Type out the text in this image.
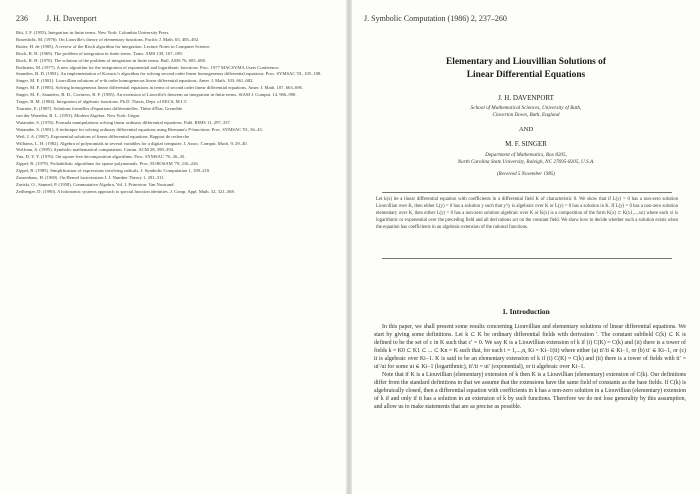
236 J. H. Davenport

Ritt, J. F. (1955). Integration in finite terms. New York: Columbia University Press.

Rosenlicht, M. (1976). On Liouville's theory of elementary functions. Pacific J. Math. 65, 485–492.

Ruiter, H. de (1985). A review of the Risch algorithm for integration. Lecture Notes in Computer Science.

Risch, R. H. (1969). The problem of integration in finite terms. Trans. AMS 139, 167–189.

Risch, R. H. (1970). The solution of the problem of integration in finite terms. Bull. AMS 76, 605–608.

Rothstein, M. (1977). A new algorithm for the integration of exponential and logarithmic functions. Proc. 1977 MACSYMA Users Conference.

Saunders, B. D. (1981). An implementation of Kovacic's algorithm for solving second order linear homogeneous differential equations. Proc. SYMSAC '81, 105–108.

Singer, M. F. (1981). Liouvillian solutions of n-th order homogeneous linear differential equations. Amer. J. Math. 103, 661–682.

Singer, M. F. (1985). Solving homogeneous linear differential equations in terms of second order linear differential equations. Amer. J. Math. 107, 663–696.

Singer, M. F., Saunders, B. D., Caviness, B. F. (1985). An extension of Liouville's theorem on integration in finite terms. SIAM J. Comput. 14, 966–990.

Trager, B. M. (1984). Integration of algebraic functions. Ph.D. Thesis, Dept. of EECS, M.I.T.

Tournier, E. (1987). Solutions formelles d'équations différentielles. Thèse d'État, Grenoble.

van der Waerden, B. L. (1953). Modern Algebra. New York: Ungar.

Watanabe, S. (1976). Formula manipulations solving linear ordinary differential equations. Publ. RIMS 11, 297–337.

Watanabe, S. (1981). A technique for solving ordinary differential equations using Riemann's P-functions. Proc. SYMSAC '81, 36–43.

Weil, J. A. (1987). Exponential solutions of linear differential equations. Rapport de recherche.

Williams, L. H. (1982). Algebra of polynomials in several variables for a digital computer. J. Assoc. Comput. Mach. 9, 29–40.

Wolfram, S. (1985). Symbolic mathematical computation. Comm. ACM 28, 390–394.

Yun, D. Y. Y. (1976). On square-free decomposition algorithms. Proc. SYMSAC '76, 26–35.

Zippel, R. (1979). Probabilistic algorithms for sparse polynomials. Proc. EUROSAM '79, 216–226.

Zippel, R. (1985). Simplification of expressions involving radicals. J. Symbolic Computation 1, 189–210.

Zassenhaus, H. (1969). On Hensel factorization I. J. Number Theory 1, 291–311.

Zariski, O., Samuel, P. (1958). Commutative Algebra, Vol. I. Princeton: Van Nostrand.

Zeilberger, D. (1990). A holonomic systems approach to special function identities. J. Comp. Appl. Math. 32, 321–368.

J. Symbolic Computation (1986) 2, 237–260
Elementary and Liouvillian Solutions of
Linear Differential Equations
J. H. DAVENPORT
School of Mathematical Sciences, University of Bath,
Claverton Down, Bath, England
AND
M. F. SINGER
Department of Mathematics, Box 8205,
North Carolina State University, Raleigh, NC 27695-8205, U.S.A.
(Received 5 November 1985)
Let k(x) be a linear differential equation with coefficients in a differential field K of characteristic 0. We show that if L(y) = 0 has a non-zero solution Liouvillian over K, then either L(y) = 0 has a solution y such that y'/y is algebraic over K or L(y) = 0 has a solution in K. If L(y) = 0 has a non-zero solution elementary over K, then either L(y) = 0 has a non-zero solution algebraic over K or K(x) is a composition of the form K(x) ⊂ K(x1,...,xn) where each xi is logarithmic or exponential over the preceding field and all derivations act on the constant field. We show how to decide whether such a solution exists when the equation has coefficients in an algebraic extension of the rational functions.
1. Introduction

In this paper, we shall present some results concerning Liouvillian and elementary solutions of linear differential equations. We start by giving some definitions. Let k ⊂ K be ordinary differential fields with derivation ′. The constant subfield C(k) ⊂ K is defined to be the set of c in K such that c′ = 0. We say K is a Liouvillian extension of k if (i) C(K) = C(k) and (ii) there is a tower of fields k = K0 ⊂ K1 ⊂ ... ⊂ Kn = K such that, for each i = 1,...,n, Ki = Ki−1(ti) where either (a) ti′/ti ∈ Ki−1, or (b) ti′ ∈ Ki−1, or (c) ti is algebraic over Ki−1. K is said to be an elementary extension of k if (i) C(K) = C(k) and (ii) there is a tower of fields with ti′ = ui′/ui for some ui ∈ Ki−1 (logarithmic), ti′/ti = ui′ (exponential), or ti algebraic over Ki−1.

Note that if K is a Liouvillian (elementary) extension of k then K is a Liouvillian (elementary) extension of C(k). Our definitions differ from the standard definitions in that we assume that the extensions have the same field of constants as the base fields. If C(k) is algebraically closed, then a differential equation with coefficients in k has a non-zero solution in a Liouvillian (elementary) extension of k if and only if it has a solution in an extension of k by such functions. Therefore we do not lose generality by this assumption, and allow us to make statements that are as precise as possible.
